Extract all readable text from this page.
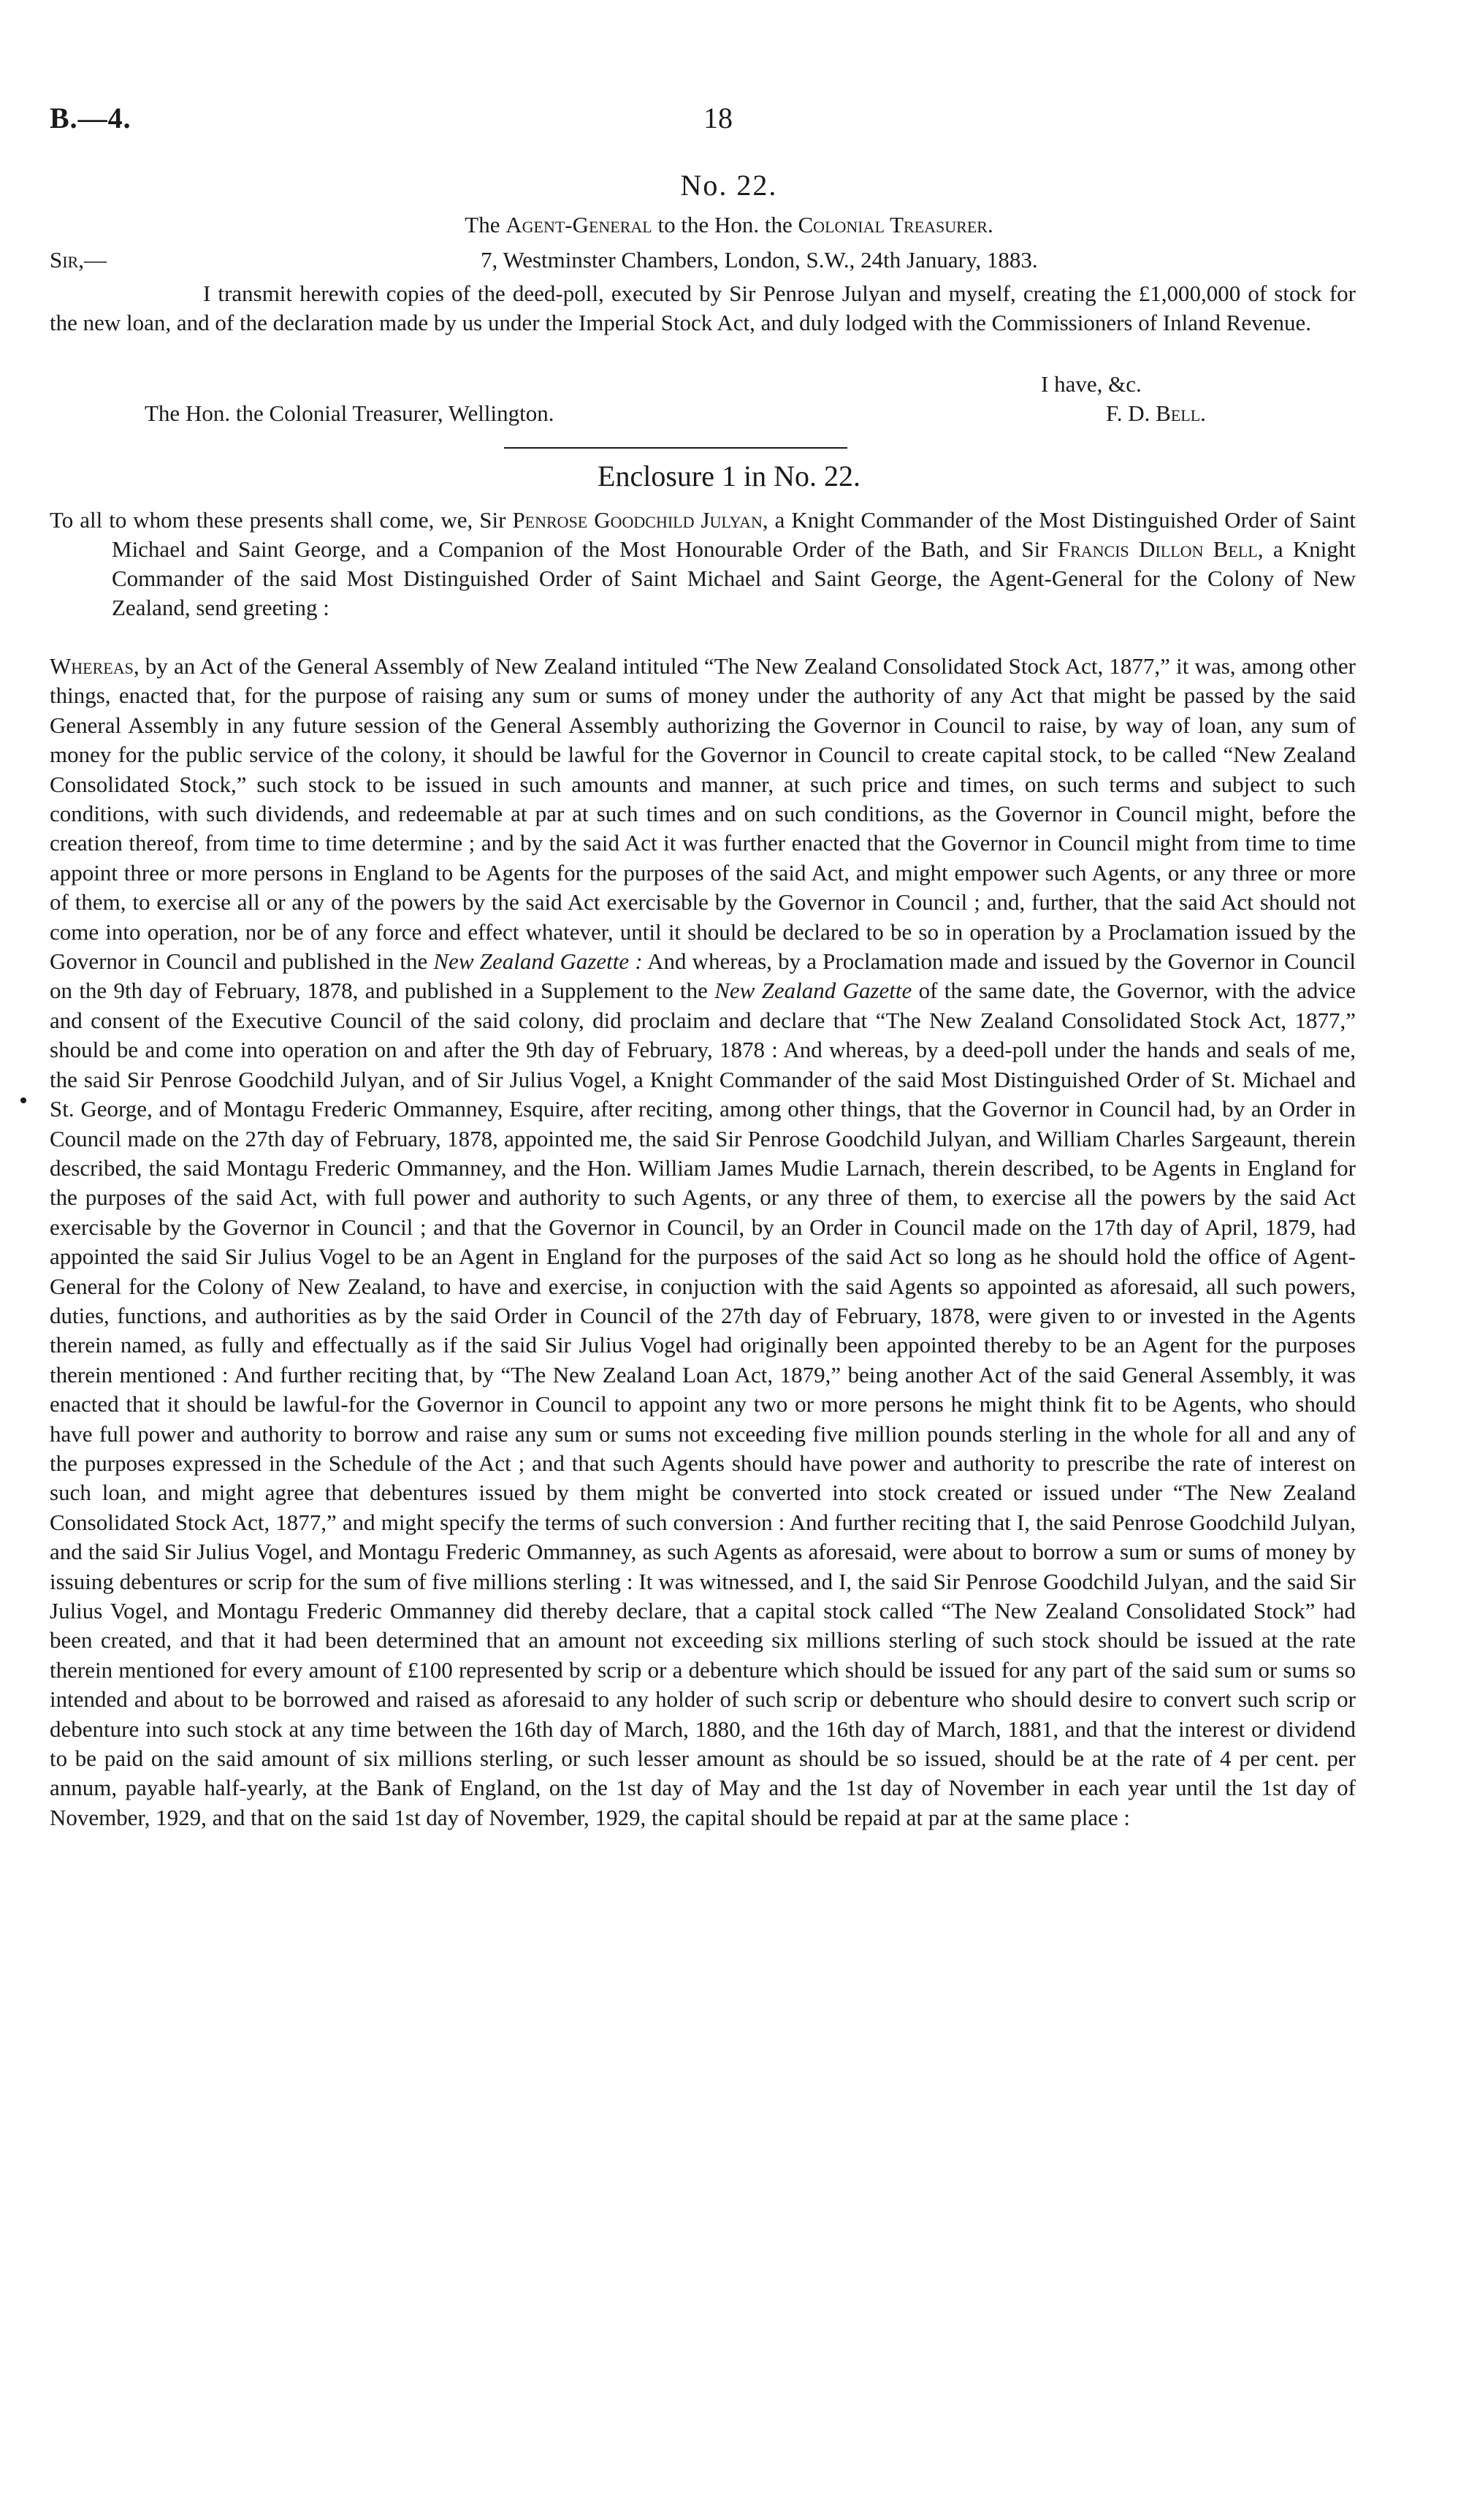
B.—4.	18
No. 22.
The Agent-General to the Hon. the Colonial Treasurer.
Sir,—	7, Westminster Chambers, London, S.W., 24th January, 1883.

I transmit herewith copies of the deed-poll, executed by Sir Penrose Julyan and myself, creating the £1,000,000 of stock for the new loan, and of the declaration made by us under the Imperial Stock Act, and duly lodged with the Commissioners of Inland Revenue.

I have, &c.
The Hon. the Colonial Treasurer, Wellington.	F. D. Bell.
Enclosure 1 in No. 22.

To all to whom these presents shall come, we, Sir Penrose Goodchild Julyan, a Knight Commander of the Most Distinguished Order of Saint Michael and Saint George, and a Companion of the Most Honourable Order of the Bath, and Sir Francis Dillon Bell, a Knight Commander of the said Most Distinguished Order of Saint Michael and Saint George, the Agent-General for the Colony of New Zealand, send greeting :

Whereas, by an Act of the General Assembly of New Zealand intituled “The New Zealand Consolidated Stock Act, 1877,” it was, among other things, enacted that, for the purpose of raising any sum or sums of money under the authority of any Act that might be passed by the said General Assembly in any future session of the General Assembly authorizing the Governor in Council to raise, by way of loan, any sum of money for the public service of the colony, it should be lawful for the Governor in Council to create capital stock, to be called “New Zealand Consolidated Stock,” such stock to be issued in such amounts and manner, at such price and times, on such terms and subject to such conditions, with such dividends, and redeemable at par at such times and on such conditions, as the Governor in Council might, before the creation thereof, from time to time determine ; and by the said Act it was further enacted that the Governor in Council might from time to time appoint three or more persons in England to be Agents for the purposes of the said Act, and might empower such Agents, or any three or more of them, to exercise all or any of the powers by the said Act exercisable by the Governor in Council ; and, further, that the said Act should not come into operation, nor be of any force and effect whatever, until it should be declared to be so in operation by a Proclamation issued by the Governor in Council and published in the New Zealand Gazette : And whereas, by a Proclamation made and issued by the Governor in Council on the 9th day of February, 1878, and published in a Supplement to the New Zealand Gazette of the same date, the Governor, with the advice and consent of the Executive Council of the said colony, did proclaim and declare that “The New Zealand Consolidated Stock Act, 1877,” should be and come into operation on and after the 9th day of February, 1878 : And whereas, by a deed-poll under the hands and seals of me, the said Sir Penrose Goodchild Julyan, and of Sir Julius Vogel, a Knight Commander of the said Most Distinguished Order of St. Michael and St. George, and of Montagu Frederic Ommanney, Esquire, after reciting, among other things, that the Governor in Council had, by an Order in Council made on the 27th day of February, 1878, appointed me, the said Sir Penrose Goodchild Julyan, and William Charles Sargeaunt, therein described, the said Montagu Frederic Ommanney, and the Hon. William James Mudie Larnach, therein described, to be Agents in England for the purposes of the said Act, with full power and authority to such Agents, or any three of them, to exercise all the powers by the said Act exercisable by the Governor in Council ; and that the Governor in Council, by an Order in Council made on the 17th day of April, 1879, had appointed the said Sir Julius Vogel to be an Agent in England for the purposes of the said Act so long as he should hold the office of Agent-General for the Colony of New Zealand, to have and exercise, in conjuction with the said Agents so appointed as aforesaid, all such powers, duties, functions, and authorities as by the said Order in Council of the 27th day of February, 1878, were given to or invested in the Agents therein named, as fully and effectually as if the said Sir Julius Vogel had originally been appointed thereby to be an Agent for the purposes therein mentioned : And further reciting that, by “The New Zealand Loan Act, 1879,” being another Act of the said General Assembly, it was enacted that it should be lawful-for the Governor in Council to appoint any two or more persons he might think fit to be Agents, who should have full power and authority to borrow and raise any sum or sums not exceeding five million pounds sterling in the whole for all and any of the purposes expressed in the Schedule of the Act ; and that such Agents should have power and authority to prescribe the rate of interest on such loan, and might agree that debentures issued by them might be converted into stock created or issued under “The New Zealand Consolidated Stock Act, 1877,” and might specify the terms of such conversion : And further reciting that I, the said Penrose Goodchild Julyan, and the said Sir Julius Vogel, and Montagu Frederic Ommanney, as such Agents as aforesaid, were about to borrow a sum or sums of money by issuing debentures or scrip for the sum of five millions sterling : It was witnessed, and I, the said Sir Penrose Goodchild Julyan, and the said Sir Julius Vogel, and Montagu Frederic Ommanney did thereby declare, that a capital stock called “The New Zealand Consolidated Stock” had been created, and that it had been determined that an amount not exceeding six millions sterling of such stock should be issued at the rate therein mentioned for every amount of £100 represented by scrip or a debenture which should be issued for any part of the said sum or sums so intended and about to be borrowed and raised as aforesaid to any holder of such scrip or debenture who should desire to convert such scrip or debenture into such stock at any time between the 16th day of March, 1880, and the 16th day of March, 1881, and that the interest or dividend to be paid on the said amount of six millions sterling, or such lesser amount as should be so issued, should be at the rate of 4 per cent. per annum, payable half-yearly, at the Bank of England, on the 1st day of May and the 1st day of November in each year until the 1st day of November, 1929, and that on the said 1st day of November, 1929, the capital should be repaid at par at the same place :
